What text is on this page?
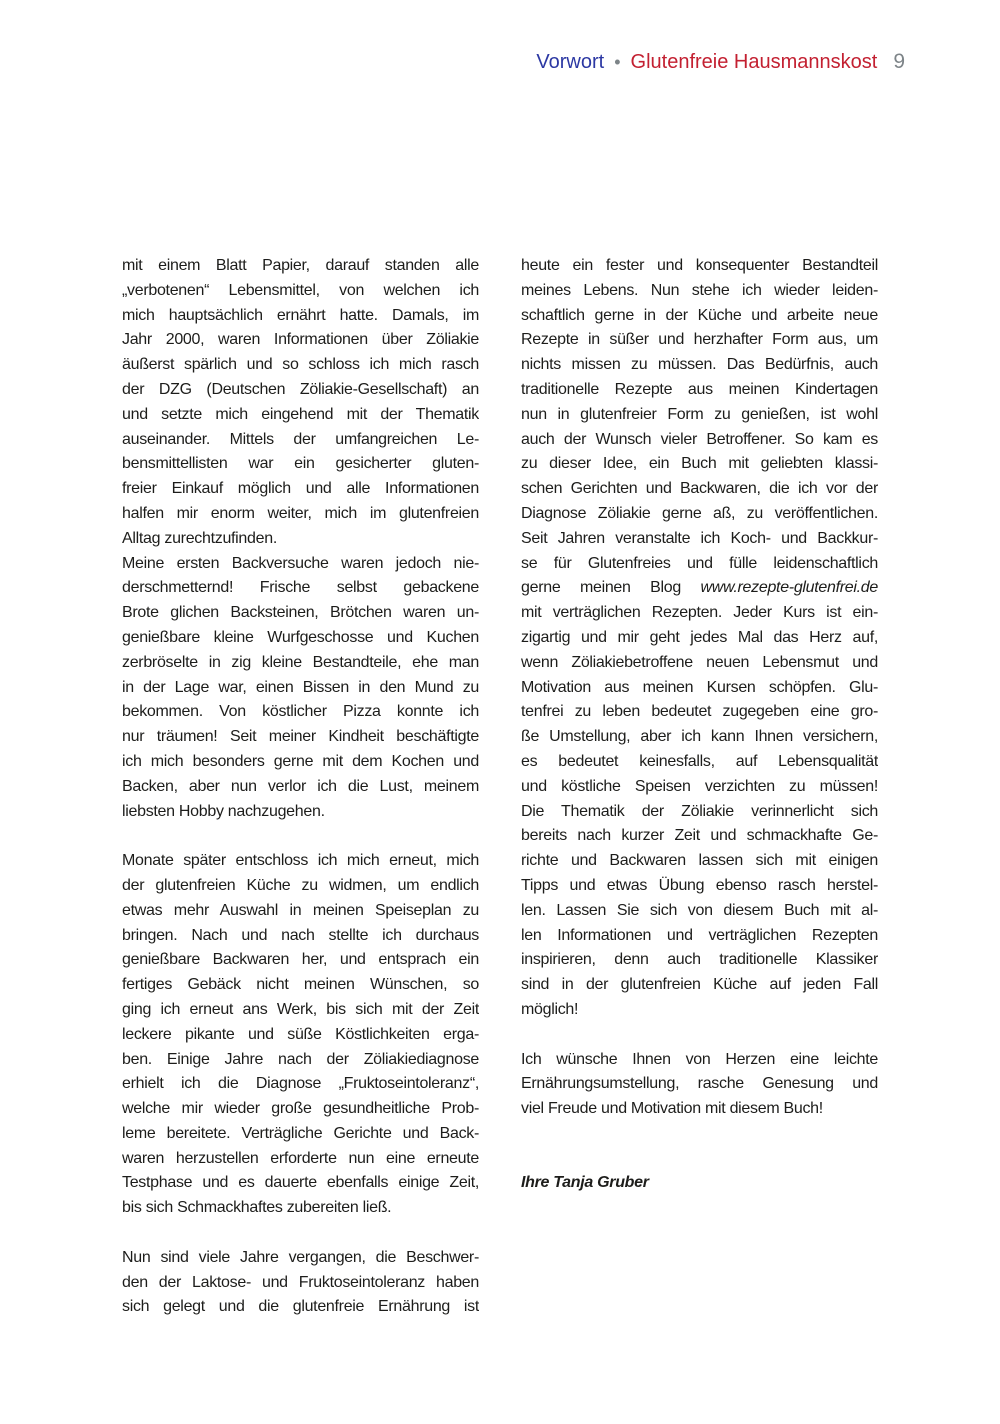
Vorwort • Glutenfreie Hausmannskost 9
mit einem Blatt Papier, darauf standen alle
„verbotenen“ Lebensmittel, von welchen ich
mich hauptsächlich ernährt hatte. Damals, im
Jahr 2000, waren Informationen über Zöliakie
äußerst spärlich und so schloss ich mich rasch
der DZG (Deutschen Zöliakie-Gesellschaft) an
und setzte mich eingehend mit der Thematik
auseinander. Mittels der umfangreichen Le-
bensmittellisten war ein gesicherter gluten-
freier Einkauf möglich und alle Informationen
halfen mir enorm weiter, mich im glutenfreien
Alltag zurechtzufinden.
Meine ersten Backversuche waren jedoch nie-
derschmetternd! Frische selbst gebackene
Brote glichen Backsteinen, Brötchen waren un-
genießbare kleine Wurfgeschosse und Kuchen
zerbröselte in zig kleine Bestandteile, ehe man
in der Lage war, einen Bissen in den Mund zu
bekommen. Von köstlicher Pizza konnte ich
nur träumen! Seit meiner Kindheit beschäftigte
ich mich besonders gerne mit dem Kochen und
Backen, aber nun verlor ich die Lust, meinem
liebsten Hobby nachzugehen.
Monate später entschloss ich mich erneut, mich
der glutenfreien Küche zu widmen, um endlich
etwas mehr Auswahl in meinen Speiseplan zu
bringen. Nach und nach stellte ich durchaus
genießbare Backwaren her, und entsprach ein
fertiges Gebäck nicht meinen Wünschen, so
ging ich erneut ans Werk, bis sich mit der Zeit
leckere pikante und süße Köstlichkeiten erga-
ben. Einige Jahre nach der Zöliakiediagnose
erhielt ich die Diagnose „Fruktoseintoleranz“,
welche mir wieder große gesundheitliche Prob-
leme bereitete. Verträgliche Gerichte und Back-
waren herzustellen erforderte nun eine erneute
Testphase und es dauerte ebenfalls einige Zeit,
bis sich Schmackhaftes zubereiten ließ.
Nun sind viele Jahre vergangen, die Beschwer-
den der Laktose- und Fruktoseintoleranz haben
sich gelegt und die glutenfreie Ernährung ist
heute ein fester und konsequenter Bestandteil
meines Lebens. Nun stehe ich wieder leiden-
schaftlich gerne in der Küche und arbeite neue
Rezepte in süßer und herzhafter Form aus, um
nichts missen zu müssen. Das Bedürfnis, auch
traditionelle Rezepte aus meinen Kindertagen
nun in glutenfreier Form zu genießen, ist wohl
auch der Wunsch vieler Betroffener. So kam es
zu dieser Idee, ein Buch mit geliebten klassi-
schen Gerichten und Backwaren, die ich vor der
Diagnose Zöliakie gerne aß, zu veröffentlichen.
Seit Jahren veranstalte ich Koch- und Backkur-
se für Glutenfreies und fülle leidenschaftlich
gerne meinen Blog www.rezepte-glutenfrei.de
mit verträglichen Rezepten. Jeder Kurs ist ein-
zigartig und mir geht jedes Mal das Herz auf,
wenn Zöliakiebetroffene neuen Lebensmut und
Motivation aus meinen Kursen schöpfen. Glu-
tenfrei zu leben bedeutet zugegeben eine gro-
ße Umstellung, aber ich kann Ihnen versichern,
es bedeutet keinesfalls, auf Lebensqualität
und köstliche Speisen verzichten zu müssen!
Die Thematik der Zöliakie verinnerlicht sich
bereits nach kurzer Zeit und schmackhafte Ge-
richte und Backwaren lassen sich mit einigen
Tipps und etwas Übung ebenso rasch herstel-
len. Lassen Sie sich von diesem Buch mit al-
len Informationen und verträglichen Rezepten
inspirieren, denn auch traditionelle Klassiker
sind in der glutenfreien Küche auf jeden Fall
möglich!
Ich wünsche Ihnen von Herzen eine leichte
Ernährungsumstellung, rasche Genesung und
viel Freude und Motivation mit diesem Buch!
Ihre Tanja Gruber
